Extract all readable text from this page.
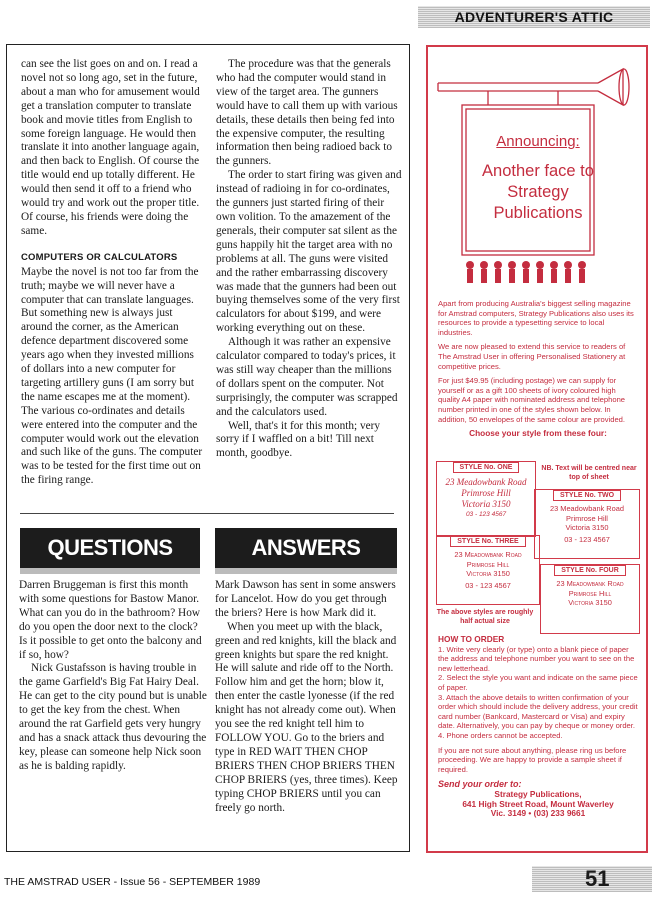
ADVENTURER'S ATTIC

can see the list goes on and on. I read a novel not so long ago, set in the future, about a man who for amusement would get a translation computer to translate book and movie titles from English to some foreign language. He would then translate it into another language again, and then back to English. Of course the title would end up totally different. He would then send it off to a friend who would try and work out the proper title. Of course, his friends were doing the same.

COMPUTERS OR CALCULATORS

Maybe the novel is not too far from the truth; maybe we will never have a computer that can translate languages. But something new is always just around the corner, as the American defence department discovered some years ago when they invested millions of dollars into a new computer for targeting artillery guns (I am sorry but the name escapes me at the moment). The various co-ordinates and details were entered into the computer and the computer would work out the elevation and such like of the guns. The computer was to be tested for the first time out on the firing range.

The procedure was that the generals who had the computer would stand in view of the target area. The gunners would have to call them up with various details, these details then being fed into the expensive computer, the resulting information then being radioed back to the gunners.

The order to start firing was given and instead of radioing in for co-ordinates, the gunners just started firing of their own volition. To the amazement of the generals, their computer sat silent as the guns happily hit the target area with no problems at all. The guns were visited and the rather embarrassing discovery was made that the gunners had been out buying themselves some of the very first calculators for about $199, and were working everything out on these.

Although it was rather an expensive calculator compared to today's prices, it was still way cheaper than the millions of dollars spent on the computer. Not surprisingly, the computer was scrapped and the calculators used.

Well, that's it for this month; very sorry if I waffled on a bit! Till next month, goodbye.

QUESTIONS	ANSWERS

Darren Bruggeman is first this month with some questions for Bastow Manor. What can you do in the bathroom? How do you open the door next to the clock? Is it possible to get onto the balcony and if so, how?

Nick Gustafsson is having trouble in the game Garfield's Big Fat Hairy Deal. He can get to the city pound but is unable to get the key from the chest. When around the rat Garfield gets very hungry and has a snack attack thus devouring the key, please can someone help Nick soon as he is balding rapidly.

Mark Dawson has sent in some answers for Lancelot. How do you get through the briers? Here is how Mark did it.

When you meet up with the black, green and red knights, kill the black and green knights but spare the red knight. He will salute and ride off to the North. Follow him and get the horn; blow it, then enter the castle lyonesse (if the red knight has not already come out). When you see the red knight tell him to FOLLOW YOU. Go to the briers and type in RED WAIT THEN CHOP BRIERS THEN CHOP BRIERS THEN CHOP BRIERS (yes, three times). Keep typing CHOP BRIERS until you can freely go north.

Announcing:
Another face to Strategy Publications

Apart from producing Australia's biggest selling magazine for Amstrad computers, Strategy Publications also uses its resources to provide a typesetting service to local industries.

We are now pleased to extend this service to readers of The Amstrad User in offering Personalised Stationery at competitive prices.

For just $49.95 (including postage) we can supply for yourself or as a gift 100 sheets of ivory coloured high quality A4 paper with nominated address and telephone number printed in one of the styles shown below. In addition, 50 envelopes of the same colour are provided.

Choose your style from these four:

STYLE No. ONE
23 Meadowbank Road
Primrose Hill
Victoria 3150
03 - 123 4567
NB. Text will be centred near top of sheet
STYLE No. TWO
23 Meadowbank Road
Primrose Hill
Victoria 3150
03 - 123 4567
STYLE No. THREE
23 Meadowbank Road
Primrose Hill
Victoria 3150
03 - 123 4567
STYLE No. FOUR
23 Meadowbank Road
Primrose Hill
Victoria 3150
The above styles are roughly half actual size

HOW TO ORDER

1. Write very clearly (or type) onto a blank piece of paper the address and telephone number you want to see on the new letterhead.

2. Select the style you want and indicate on the same piece of paper.

3. Attach the above details to written confirmation of your order which should include the delivery address, your credit card number (Bankcard, Mastercard or Visa) and expiry date. Alternatively, you can pay by cheque or money order.

4. Phone orders cannot be accepted.

If you are not sure about anything, please ring us before proceeding. We are happy to provide a sample sheet if required.

Send your order to:

Strategy Publications,

641 High Street Road, Mount Waverley

Vic. 3149 • (03) 233 9661

THE AMSTRAD USER - Issue 56 - SEPTEMBER 1989	51
